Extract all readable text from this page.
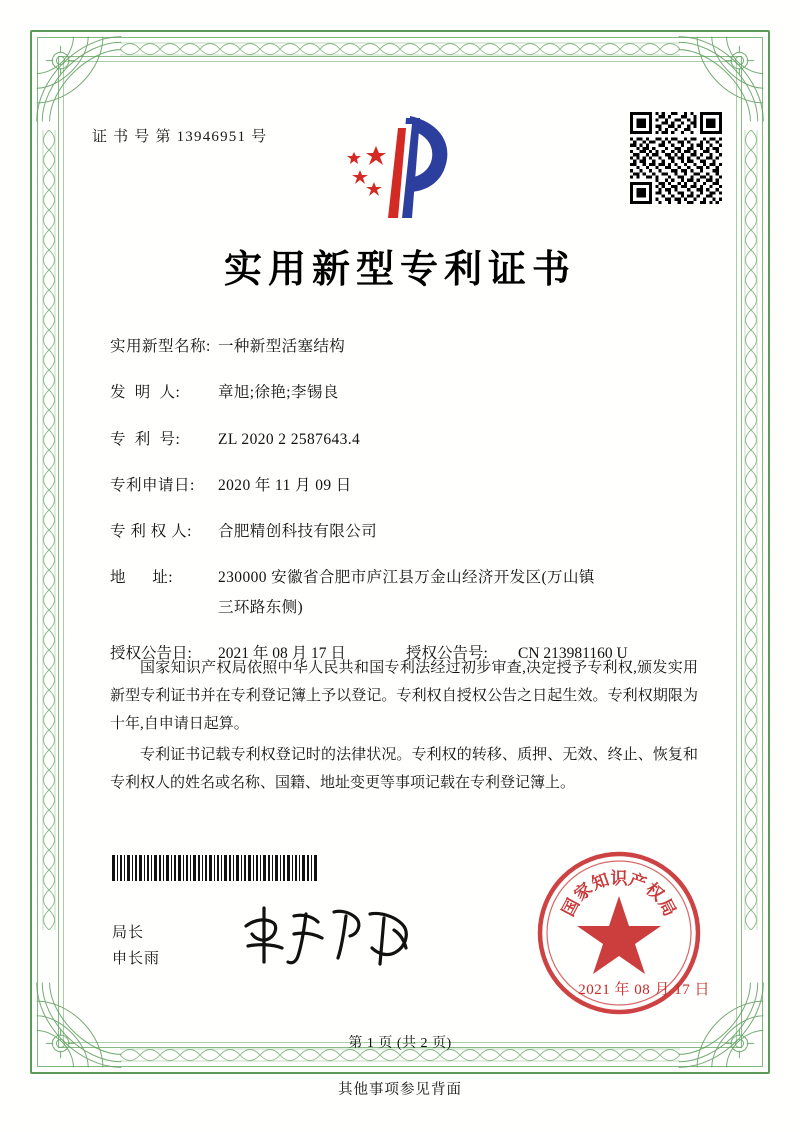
证 书 号 第 13946951 号
实用新型专利证书
实用新型名称: 一种新型活塞结构
发  明  人:	章旭;徐艳;李锡良
专  利  号:	ZL 2020 2 2587643.4
专利申请日:	2020 年 11 月 09 日
专 利 权 人:	合肥精创科技有限公司
地      址:	230000 安徽省合肥市庐江县万金山经济开发区(万山镇
三环路东侧)
授权公告日:	2021 年 08 月 17 日	授权公告号:	CN 213981160 U

国家知识产权局依照中华人民共和国专利法经过初步审查,决定授予专利权,颁发实用新型专利证书并在专利登记簿上予以登记。专利权自授权公告之日起生效。专利权期限为十年,自申请日起算。

专利证书记载专利权登记时的法律状况。专利权的转移、质押、无效、终止、恢复和专利权人的姓名或名称、国籍、地址变更等事项记载在专利登记簿上。

局长
申长雨
国
家
知
识
产
权
局
2021 年 08 月 17 日
第 1 页 (共 2 页)
其他事项参见背面
